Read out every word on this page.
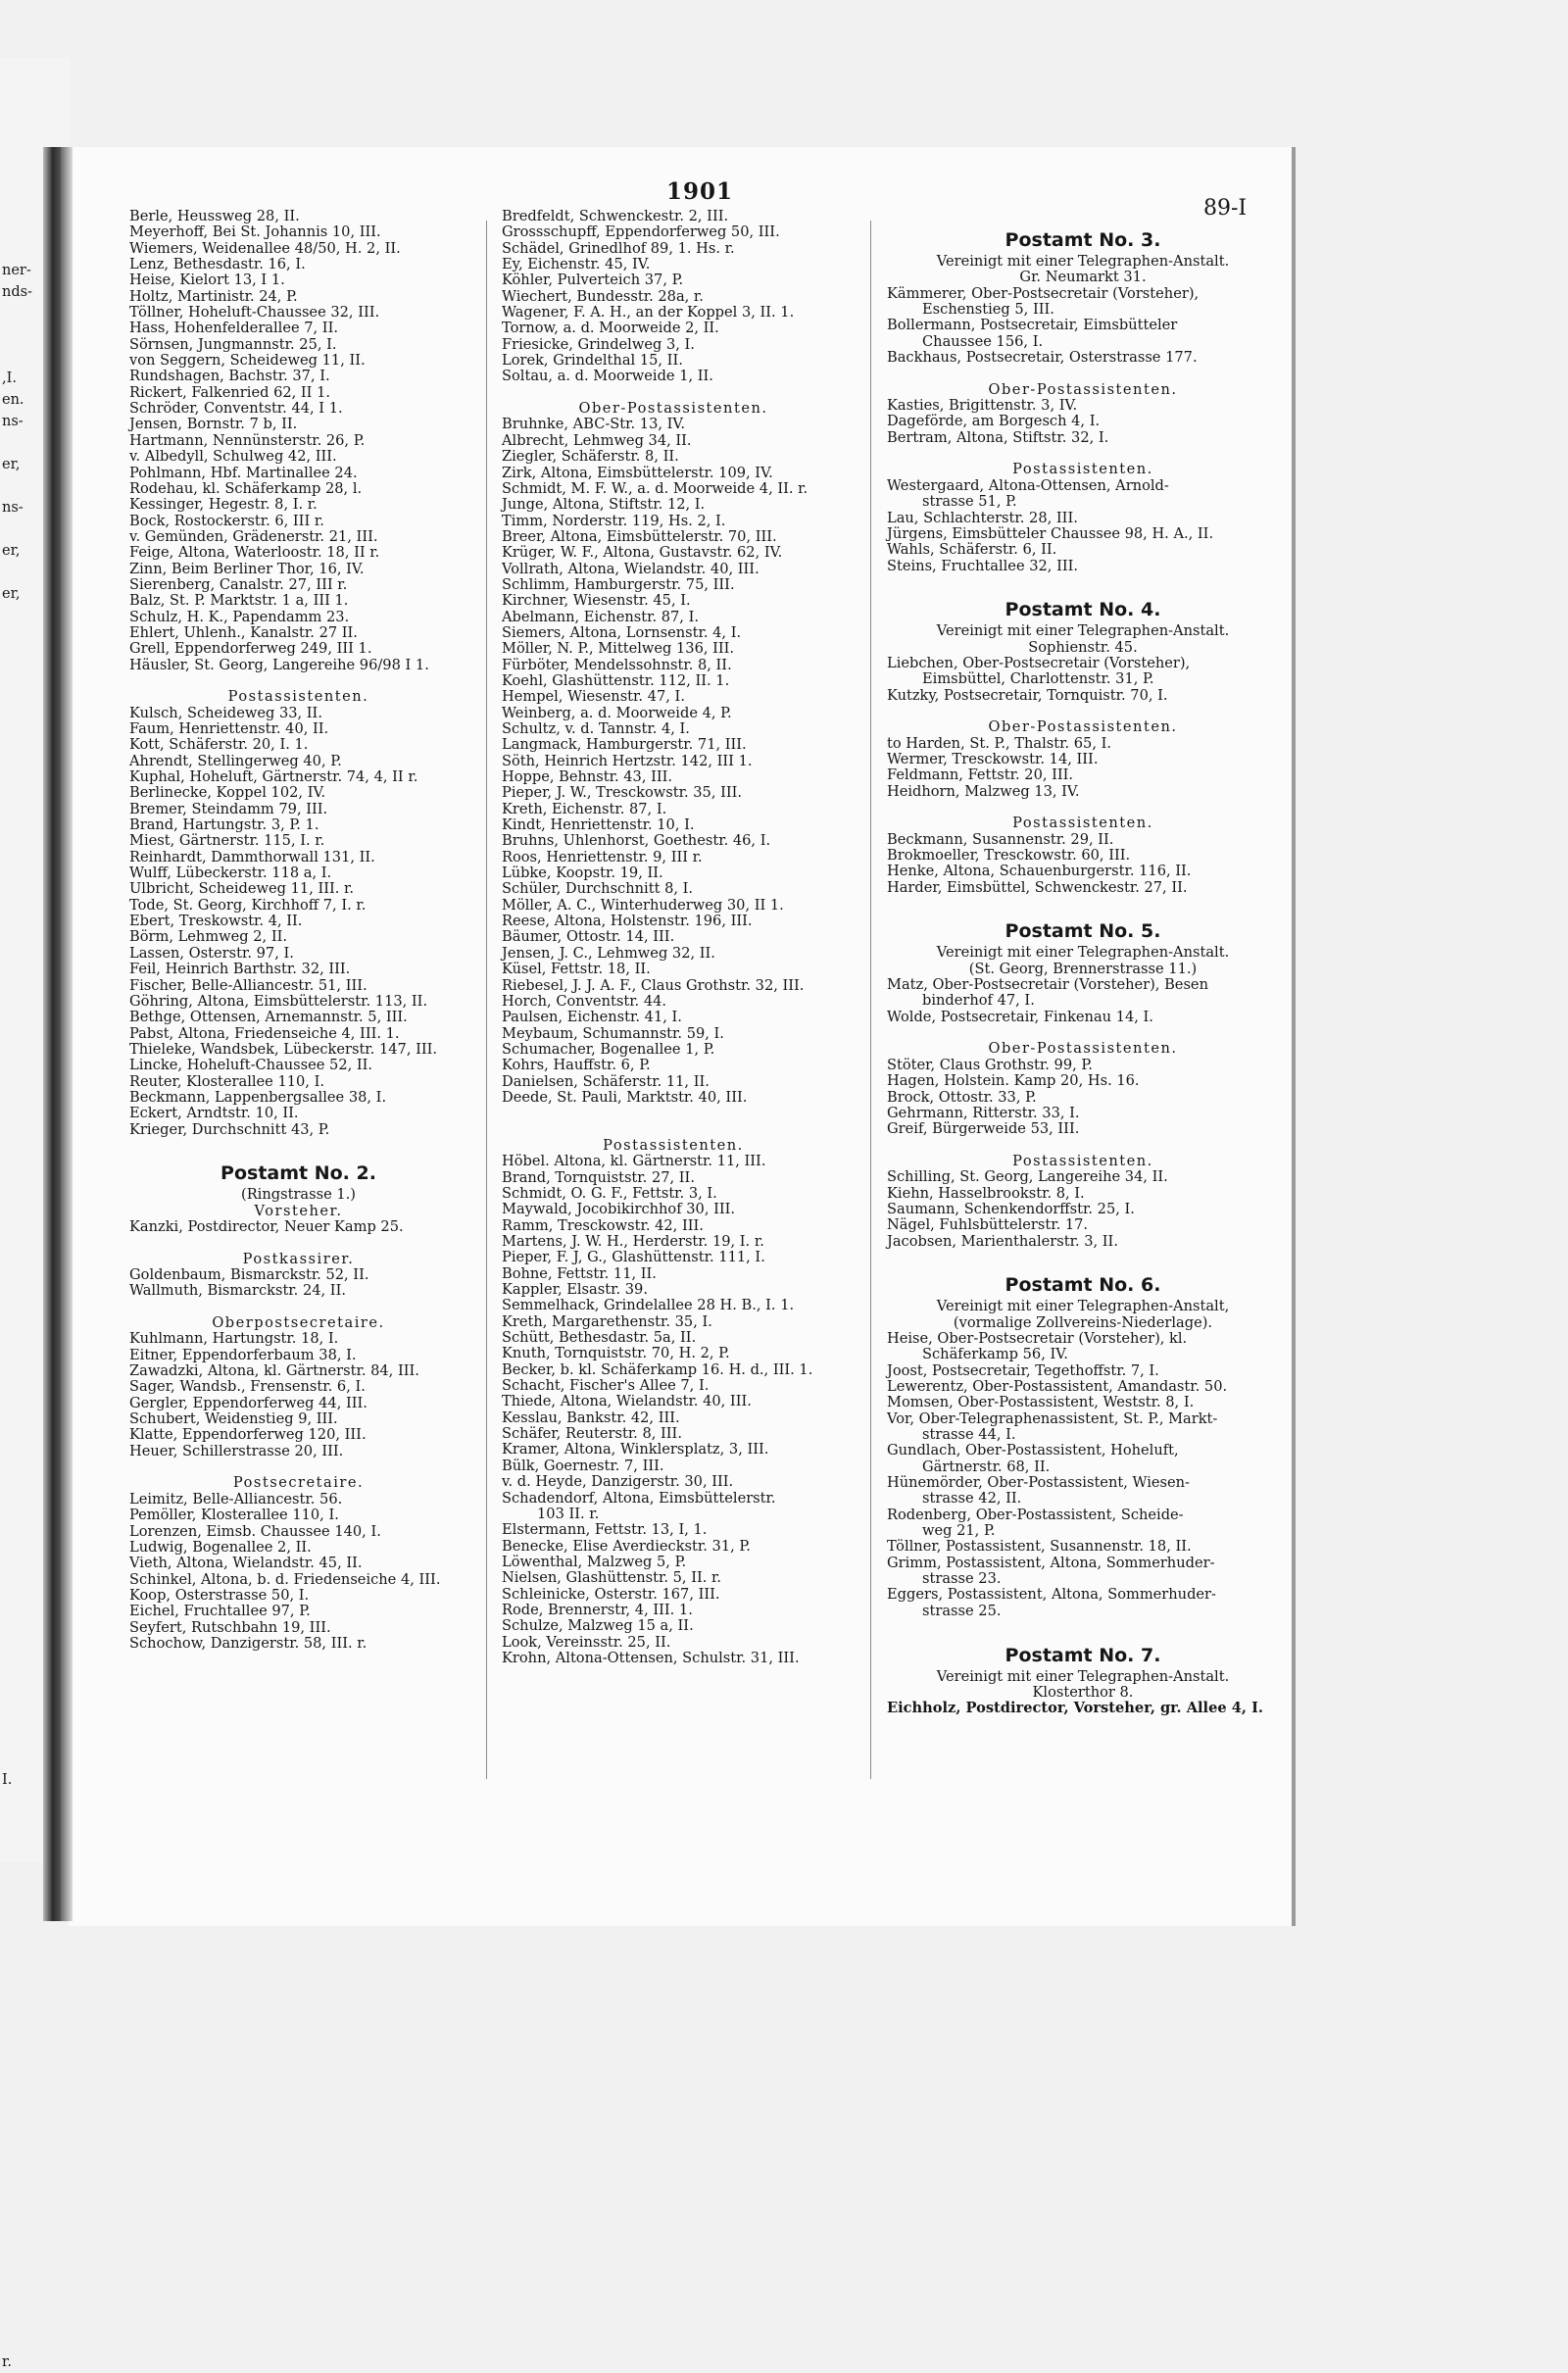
ner-
nds-
,I.
en.
ns-
er,
ns-
er,
er,
I.
r.
1901
89-I
Berle, Heussweg 28, II.
Meyerhoff, Bei St. Johannis 10, III.
Wiemers, Weidenallee 48/50, H. 2, II.
Lenz, Bethesdastr. 16, I.
Heise, Kielort 13, I 1.
Holtz, Martinistr. 24, P.
Töllner, Hoheluft-Chaussee 32, III.
Hass, Hohenfelderallee 7, II.
Sörnsen, Jungmannstr. 25, I.
von Seggern, Scheideweg 11, II.
Rundshagen, Bachstr. 37, I.
Rickert, Falkenried 62, II 1.
Schröder, Conventstr. 44, I 1.
Jensen, Bornstr. 7 b, II.
Hartmann, Nennünsterstr. 26, P.
v. Albedyll, Schulweg 42, III.
Pohlmann, Hbf. Martinallee 24.
Rodehau, kl. Schäferkamp 28, l.
Kessinger, Hegestr. 8, I. r.
Bock, Rostockerstr. 6, III r.
v. Gemünden, Grädenerstr. 21, III.
Feige, Altona, Waterloostr. 18, II r.
Zinn, Beim Berliner Thor, 16, IV.
Sierenberg, Canalstr. 27, III r.
Balz, St. P. Marktstr. 1 a, III 1.
Schulz, H. K., Papendamm 23.
Ehlert, Uhlenh., Kanalstr. 27 II.
Grell, Eppendorferweg 249, III 1.
Häusler, St. Georg, Langereihe 96/98 I 1.
Postassistenten.
Kulsch, Scheideweg 33, II.
Faum, Henriettenstr. 40, II.
Kott, Schäferstr. 20, I. 1.
Ahrendt, Stellingerweg 40, P.
Kuphal, Hoheluft, Gärtnerstr. 74, 4, II r.
Berlinecke, Koppel 102, IV.
Bremer, Steindamm 79, III.
Brand, Hartungstr. 3, P. 1.
Miest, Gärtnerstr. 115, I. r.
Reinhardt, Dammthorwall 131, II.
Wulff, Lübeckerstr. 118 a, I.
Ulbricht, Scheideweg 11, III. r.
Tode, St. Georg, Kirchhoff 7, I. r.
Ebert, Treskowstr. 4, II.
Börm, Lehmweg 2, II.
Lassen, Osterstr. 97, I.
Feil, Heinrich Barthstr. 32, III.
Fischer, Belle-Alliancestr. 51, III.
Göhring, Altona, Eimsbüttelerstr. 113, II.
Bethge, Ottensen, Arnemannstr. 5, III.
Pabst, Altona, Friedenseiche 4, III. 1.
Thieleke, Wandsbek, Lübeckerstr. 147, III.
Lincke, Hoheluft-Chaussee 52, II.
Reuter, Klosterallee 110, I.
Beckmann, Lappenbergsallee 38, I.
Eckert, Arndtstr. 10, II.
Krieger, Durchschnitt 43, P.
Postamt No. 2.
(Ringstrasse 1.)
Vorsteher.
Kanzki, Postdirector, Neuer Kamp 25.
Postkassirer.
Goldenbaum, Bismarckstr. 52, II.
Wallmuth, Bismarckstr. 24, II.
Oberpostsecretaire.
Kuhlmann, Hartungstr. 18, I.
Eitner, Eppendorferbaum 38, I.
Zawadzki, Altona, kl. Gärtnerstr. 84, III.
Sager, Wandsb., Frensenstr. 6, I.
Gergler, Eppendorferweg 44, III.
Schubert, Weidenstieg 9, III.
Klatte, Eppendorferweg 120, III.
Heuer, Schillerstrasse 20, III.
Postsecretaire.
Leimitz, Belle-Alliancestr. 56.
Pemöller, Klosterallee 110, I.
Lorenzen, Eimsb. Chaussee 140, I.
Ludwig, Bogenallee 2, II.
Vieth, Altona, Wielandstr. 45, II.
Schinkel, Altona, b. d. Friedenseiche 4, III.
Koop, Osterstrasse 50, I.
Eichel, Fruchtallee 97, P.
Seyfert, Rutschbahn 19, III.
Schochow, Danzigerstr. 58, III. r.
Bredfeldt, Schwenckestr. 2, III.
Grossschupff, Eppendorferweg 50, III.
Schädel, Grinedlhof 89, 1. Hs. r.
Ey, Eichenstr. 45, IV.
Köhler, Pulverteich 37, P.
Wiechert, Bundesstr. 28a, r.
Wagener, F. A. H., an der Koppel 3, II. 1.
Tornow, a. d. Moorweide 2, II.
Friesicke, Grindelweg 3, I.
Lorek, Grindelthal 15, II.
Soltau, a. d. Moorweide 1, II.
Ober-Postassistenten.
Bruhnke, ABC-Str. 13, IV.
Albrecht, Lehmweg 34, II.
Ziegler, Schäferstr. 8, II.
Zirk, Altona, Eimsbüttelerstr. 109, IV.
Schmidt, M. F. W., a. d. Moorweide 4, II. r.
Junge, Altona, Stiftstr. 12, I.
Timm, Norderstr. 119, Hs. 2, I.
Breer, Altona, Eimsbüttelerstr. 70, III.
Krüger, W. F., Altona, Gustavstr. 62, IV.
Vollrath, Altona, Wielandstr. 40, III.
Schlimm, Hamburgerstr. 75, III.
Kirchner, Wiesenstr. 45, I.
Abelmann, Eichenstr. 87, I.
Siemers, Altona, Lornsenstr. 4, I.
Möller, N. P., Mittelweg 136, III.
Fürböter, Mendelssohnstr. 8, II.
Koehl, Glashüttenstr. 112, II. 1.
Hempel, Wiesenstr. 47, I.
Weinberg, a. d. Moorweide 4, P.
Schultz, v. d. Tannstr. 4, I.
Langmack, Hamburgerstr. 71, III.
Söth, Heinrich Hertzstr. 142, III 1.
Hoppe, Behnstr. 43, III.
Pieper, J. W., Tresckowstr. 35, III.
Kreth, Eichenstr. 87, I.
Kindt, Henriettenstr. 10, I.
Bruhns, Uhlenhorst, Goethestr. 46, I.
Roos, Henriettenstr. 9, III r.
Lübke, Koopstr. 19, II.
Schüler, Durchschnitt 8, I.
Möller, A. C., Winterhuderweg 30, II 1.
Reese, Altona, Holstenstr. 196, III.
Bäumer, Ottostr. 14, III.
Jensen, J. C., Lehmweg 32, II.
Küsel, Fettstr. 18, II.
Riebesel, J. J. A. F., Claus Grothstr. 32, III.
Horch, Conventstr. 44.
Paulsen, Eichenstr. 41, I.
Meybaum, Schumannstr. 59, I.
Schumacher, Bogenallee 1, P.
Kohrs, Hauffstr. 6, P.
Danielsen, Schäferstr. 11, II.
Deede, St. Pauli, Marktstr. 40, III.
Postassistenten.
Höbel. Altona, kl. Gärtnerstr. 11, III.
Brand, Tornquiststr. 27, II.
Schmidt, O. G. F., Fettstr. 3, I.
Maywald, Jocobikirchhof 30, III.
Ramm, Tresckowstr. 42, III.
Martens, J. W. H., Herderstr. 19, I. r.
Pieper, F. J, G., Glashüttenstr. 111, I.
Bohne, Fettstr. 11, II.
Kappler, Elsastr. 39.
Semmelhack, Grindelallee 28 H. B., I. 1.
Kreth, Margarethenstr. 35, I.
Schütt, Bethesdastr. 5a, II.
Knuth, Tornquiststr. 70, H. 2, P.
Becker, b. kl. Schäferkamp 16. H. d., III. 1.
Schacht, Fischer's Allee 7, I.
Thiede, Altona, Wielandstr. 40, III.
Kesslau, Bankstr. 42, III.
Schäfer, Reuterstr. 8, III.
Kramer, Altona, Winklersplatz, 3, III.
Bülk, Goernestr. 7, III.
v. d. Heyde, Danzigerstr. 30, III.
Schadendorf, Altona, Eimsbüttelerstr.
103 II. r.
Elstermann, Fettstr. 13, I, 1.
Benecke, Elise Averdieckstr. 31, P.
Löwenthal, Malzweg 5, P.
Nielsen, Glashüttenstr. 5, II. r.
Schleinicke, Osterstr. 167, III.
Rode, Brennerstr, 4, III. 1.
Schulze, Malzweg 15 a, II.
Look, Vereinsstr. 25, II.
Krohn, Altona-Ottensen, Schulstr. 31, III.
Postamt No. 3.
Vereinigt mit einer Telegraphen-Anstalt.
Gr. Neumarkt 31.
Kämmerer, Ober-Postsecretair (Vorsteher),
Eschenstieg 5, III.
Bollermann, Postsecretair, Eimsbütteler
Chaussee 156, I.
Backhaus, Postsecretair, Osterstrasse 177.
Ober-Postassistenten.
Kasties, Brigittenstr. 3, IV.
Dageförde, am Borgesch 4, I.
Bertram, Altona, Stiftstr. 32, I.
Postassistenten.
Westergaard, Altona-Ottensen, Arnold-
strasse 51, P.
Lau, Schlachterstr. 28, III.
Jürgens, Eimsbütteler Chaussee 98, H. A., II.
Wahls, Schäferstr. 6, II.
Steins, Fruchtallee 32, III.
Postamt No. 4.
Vereinigt mit einer Telegraphen-Anstalt.
Sophienstr. 45.
Liebchen, Ober-Postsecretair (Vorsteher),
Eimsbüttel, Charlottenstr. 31, P.
Kutzky, Postsecretair, Tornquistr. 70, I.
Ober-Postassistenten.
to Harden, St. P., Thalstr. 65, I.
Wermer, Tresckowstr. 14, III.
Feldmann, Fettstr. 20, III.
Heidhorn, Malzweg 13, IV.
Postassistenten.
Beckmann, Susannenstr. 29, II.
Brokmoeller, Tresckowstr. 60, III.
Henke, Altona, Schauenburgerstr. 116, II.
Harder, Eimsbüttel, Schwenckestr. 27, II.
Postamt No. 5.
Vereinigt mit einer Telegraphen-Anstalt.
(St. Georg, Brennerstrasse 11.)
Matz, Ober-Postsecretair (Vorsteher), Besen
binderhof 47, I.
Wolde, Postsecretair, Finkenau 14, I.
Ober-Postassistenten.
Stöter, Claus Grothstr. 99, P.
Hagen, Holstein. Kamp 20, Hs. 16.
Brock, Ottostr. 33, P.
Gehrmann, Ritterstr. 33, I.
Greif, Bürgerweide 53, III.
Postassistenten.
Schilling, St. Georg, Langereihe 34, II.
Kiehn, Hasselbrookstr. 8, I.
Saumann, Schenkendorffstr. 25, I.
Nägel, Fuhlsbüttelerstr. 17.
Jacobsen, Marienthalerstr. 3, II.
Postamt No. 6.
Vereinigt mit einer Telegraphen-Anstalt,
(vormalige Zollvereins-Niederlage).
Heise, Ober-Postsecretair (Vorsteher), kl.
Schäferkamp 56, IV.
Joost, Postsecretair, Tegethoffstr. 7, I.
Lewerentz, Ober-Postassistent, Amandastr. 50.
Momsen, Ober-Postassistent, Weststr. 8, I.
Vor, Ober-Telegraphenassistent, St. P., Markt-
strasse 44, I.
Gundlach, Ober-Postassistent, Hoheluft,
Gärtnerstr. 68, II.
Hünemörder, Ober-Postassistent, Wiesen-
strasse 42, II.
Rodenberg, Ober-Postassistent, Scheide-
weg 21, P.
Töllner, Postassistent, Susannenstr. 18, II.
Grimm, Postassistent, Altona, Sommerhuder-
strasse 23.
Eggers, Postassistent, Altona, Sommerhuder-
strasse 25.
Postamt No. 7.
Vereinigt mit einer Telegraphen-Anstalt.
Klosterthor 8.
Eichholz, Postdirector, Vorsteher, gr. Allee 4, I.
